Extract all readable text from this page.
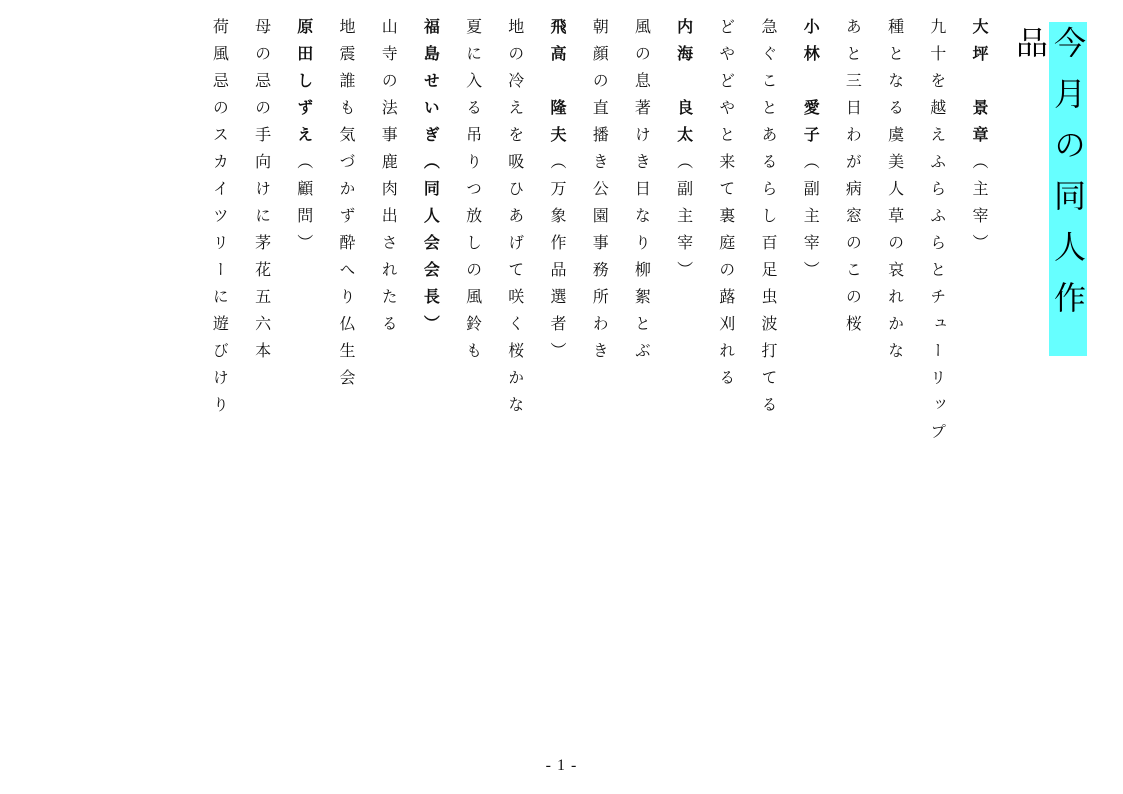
今月の同人作品
大坪　景章（主宰）
九十を越えふらふらとチューリップ
種となる虞美人草の哀れかな
あと三日わが病窓のこの桜
小林　愛子（副主宰）
急ぐことあるらし百足虫波打てる
どやどやと来て裏庭の蕗刈れる
内海　良太（副主宰）
風の息著けき日なり柳絮とぶ
朝顔の直播き公園事務所わき
飛高　隆夫（万象作品選者）
地の冷えを吸ひあげて咲く桜かな
夏に入る吊りつ放しの風鈴も
福島せいぎ（同人会会長）
山寺の法事鹿肉出されたる
地震誰も気づかず酔へり仏生会
原田しずえ（顧問）
母の忌の手向けに茅花五六本
荷風忌のスカイツリーに遊びけり
- 1 -
